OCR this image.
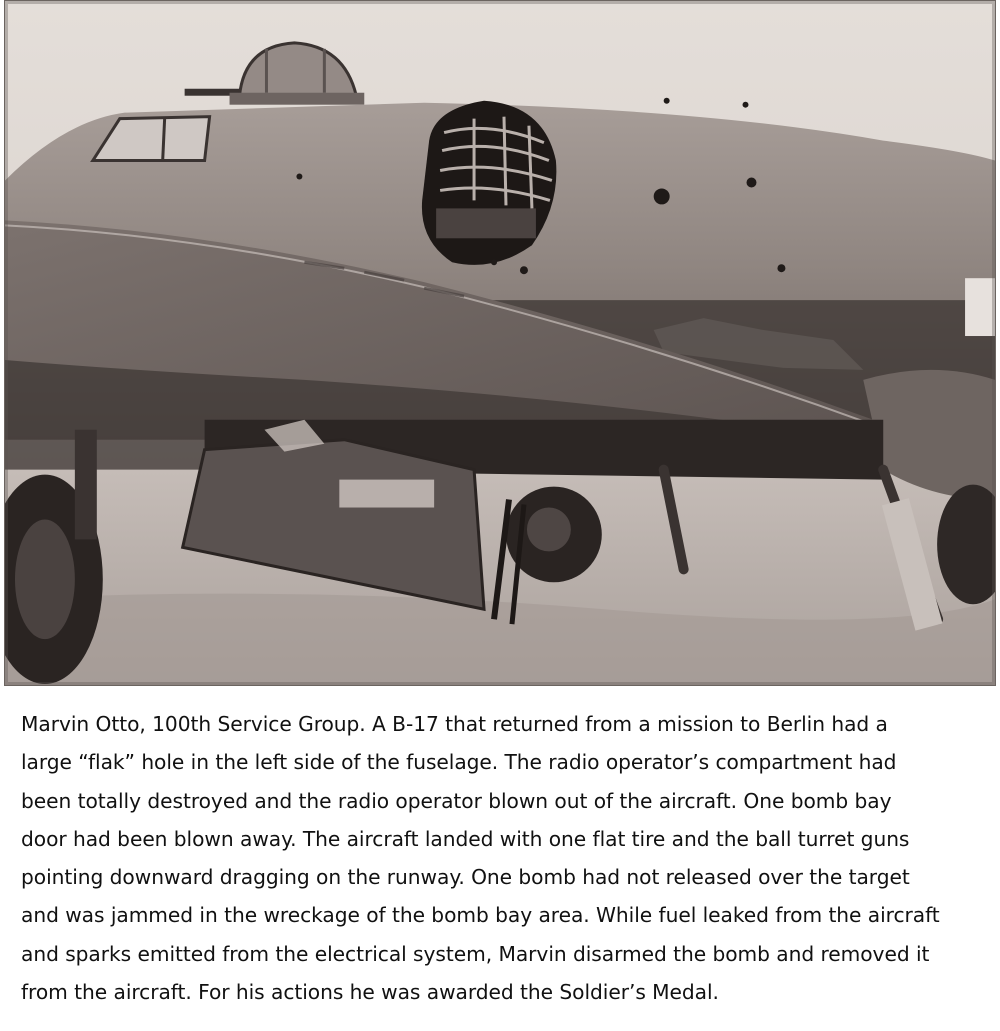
Marvin Otto, 100th Service Group. A B-17 that returned from a mission to Berlin had a
large “flak” hole in the left side of the fuselage. The radio operator’s compartment had
been totally destroyed and the radio operator blown out of the aircraft. One bomb bay
door had been blown away. The aircraft landed with one flat tire and the ball turret guns
pointing downward dragging on the runway. One bomb had not released over the target
and was jammed in the wreckage of the bomb bay area. While fuel leaked from the aircraft
and sparks emitted from the electrical system, Marvin disarmed the bomb and removed it
from the aircraft. For his actions he was awarded the Soldier’s Medal.
